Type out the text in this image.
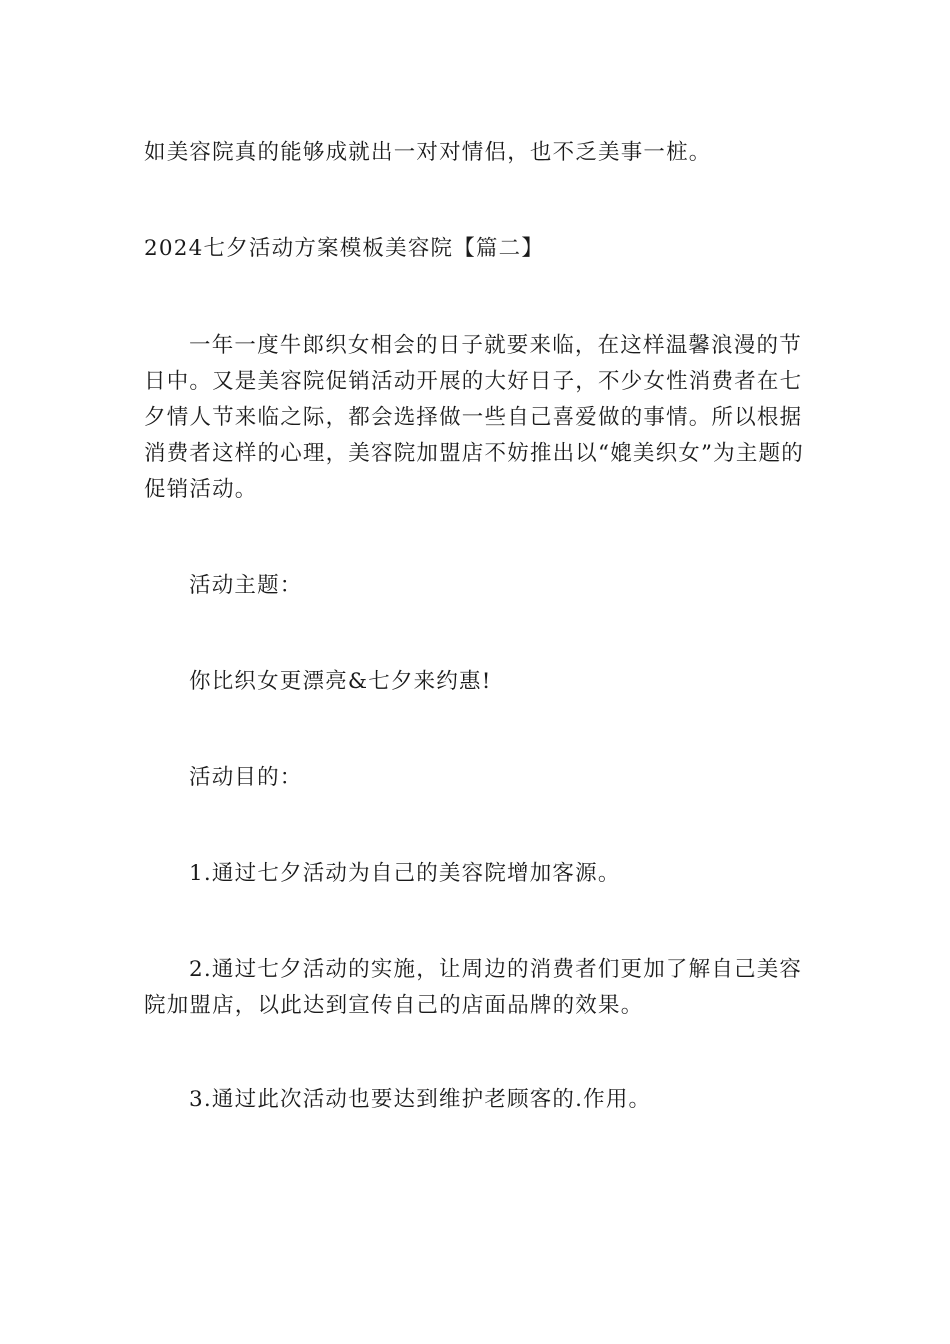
如美容院真的能够成就出一对对情侣，也不乏美事一桩。

2024七夕活动方案模板美容院【篇二】

一年一度牛郎织女相会的日子就要来临，在这样温馨浪漫的节日中。又是美容院促销活动开展的大好日子，不少女性消费者在七夕情人节来临之际，都会选择做一些自己喜爱做的事情。所以根据消费者这样的心理，美容院加盟店不妨推出以“媲美织女”为主题的促销活动。

活动主题：

你比织女更漂亮&七夕来约惠!

活动目的：

1.通过七夕活动为自己的美容院增加客源。

2.通过七夕活动的实施，让周边的消费者们更加了解自己美容院加盟店，以此达到宣传自己的店面品牌的效果。

3.通过此次活动也要达到维护老顾客的.作用。
